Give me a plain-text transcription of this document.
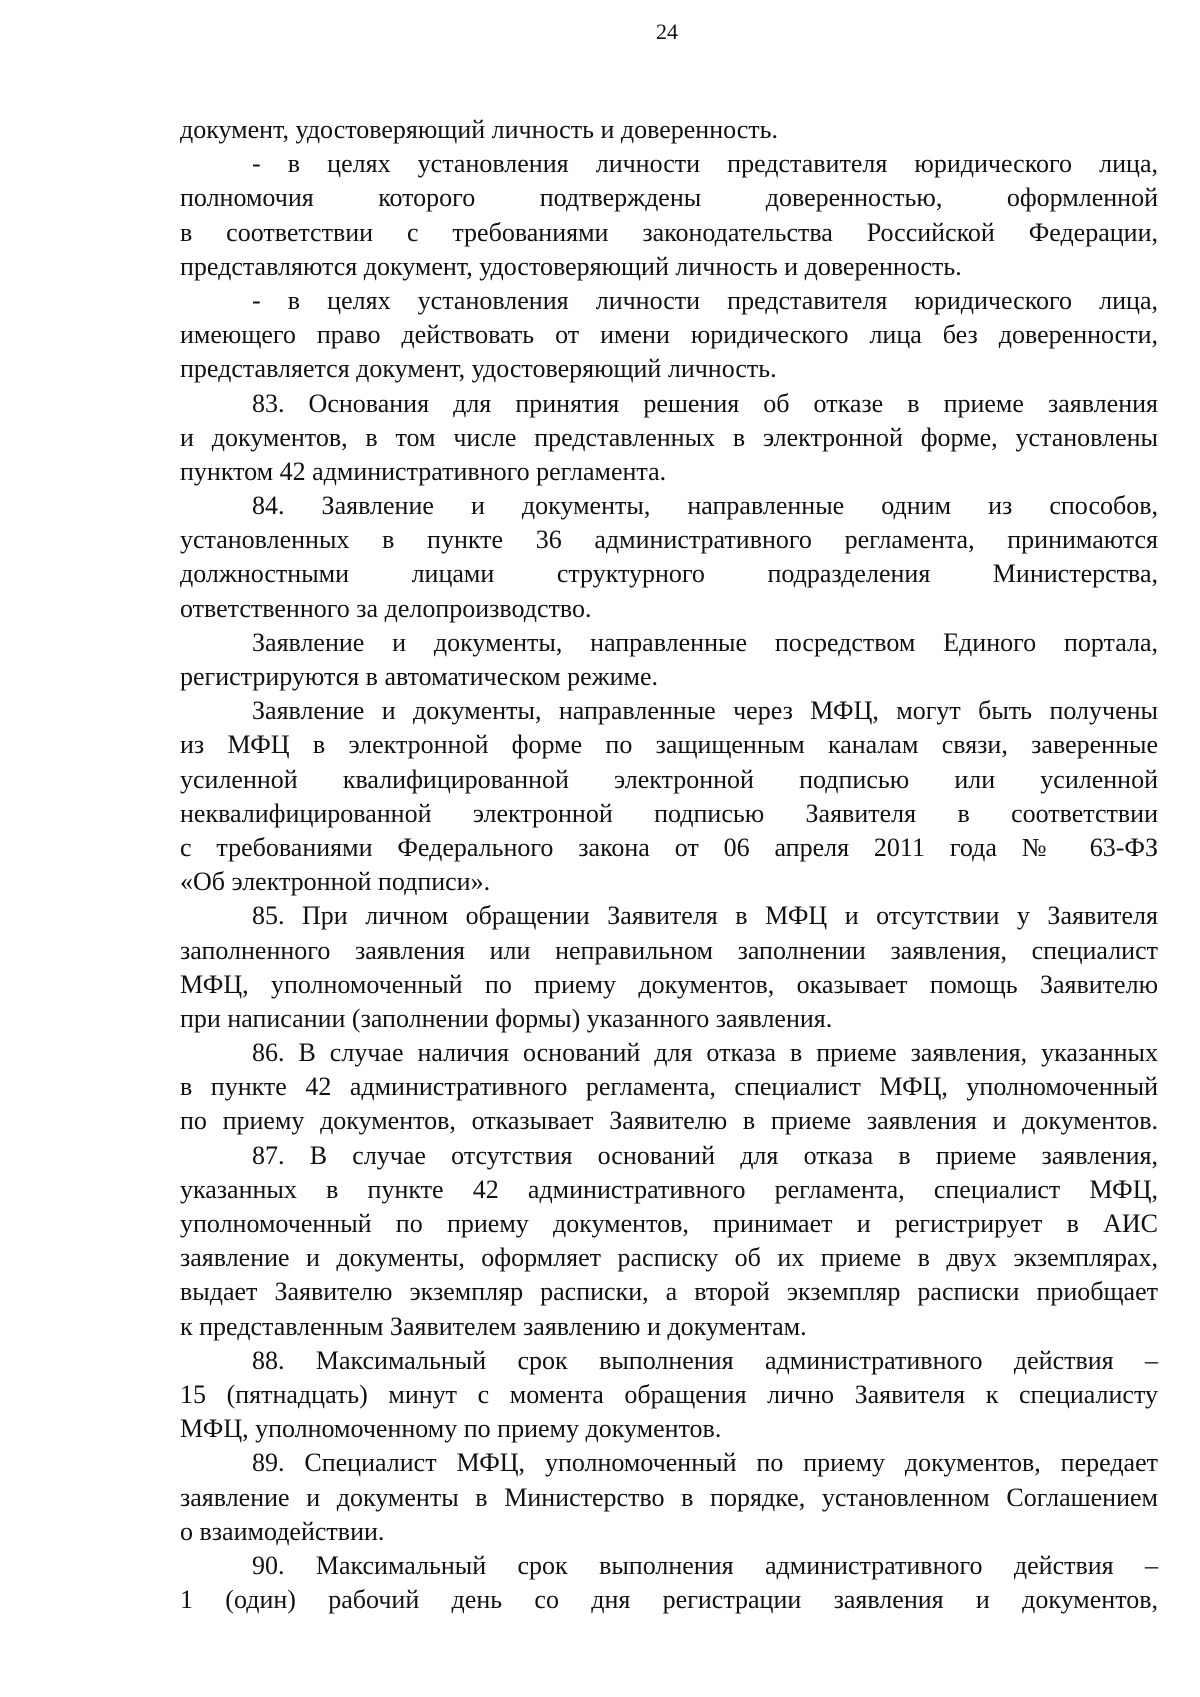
24
документ, удостоверяющий личность и доверенность.
- в целях установления личности представителя юридического лица,
полномочия которого подтверждены доверенностью, оформленной
в соответствии с требованиями законодательства Российской Федерации,
представляются документ, удостоверяющий личность и доверенность.
- в целях установления личности представителя юридического лица,
имеющего право действовать от имени юридического лица без доверенности,
представляется документ, удостоверяющий личность.
83. Основания для принятия решения об отказе в приеме заявления
и документов, в том числе представленных в электронной форме, установлены
пунктом 42 административного регламента.
84. Заявление и документы, направленные одним из способов,
установленных в пункте 36 административного регламента, принимаются
должностными лицами структурного подразделения Министерства,
ответственного за делопроизводство.
Заявление и документы, направленные посредством Единого портала,
регистрируются в автоматическом режиме.
Заявление и документы, направленные через МФЦ, могут быть получены
из МФЦ в электронной форме по защищенным каналам связи, заверенные
усиленной квалифицированной электронной подписью или усиленной
неквалифицированной электронной подписью Заявителя в соответствии
с требованиями Федерального закона от 06 апреля 2011 года № 63-ФЗ
«Об электронной подписи».
85. При личном обращении Заявителя в МФЦ и отсутствии у Заявителя
заполненного заявления или неправильном заполнении заявления, специалист
МФЦ, уполномоченный по приему документов, оказывает помощь Заявителю
при написании (заполнении формы) указанного заявления.
86. В случае наличия оснований для отказа в приеме заявления, указанных
в пункте 42 административного регламента, специалист МФЦ, уполномоченный
по приему документов, отказывает Заявителю в приеме заявления и документов.
87. В случае отсутствия оснований для отказа в приеме заявления,
указанных в пункте 42 административного регламента, специалист МФЦ,
уполномоченный по приему документов, принимает и регистрирует в АИС
заявление и документы, оформляет расписку об их приеме в двух экземплярах,
выдает Заявителю экземпляр расписки, а второй экземпляр расписки приобщает
к представленным Заявителем заявлению и документам.
88. Максимальный срок выполнения административного действия –
15 (пятнадцать) минут с момента обращения лично Заявителя к специалисту
МФЦ, уполномоченному по приему документов.
89. Специалист МФЦ, уполномоченный по приему документов, передает
заявление и документы в Министерство в порядке, установленном Соглашением
о взаимодействии.
90. Максимальный срок выполнения административного действия –
1 (один) рабочий день со дня регистрации заявления и документов,
